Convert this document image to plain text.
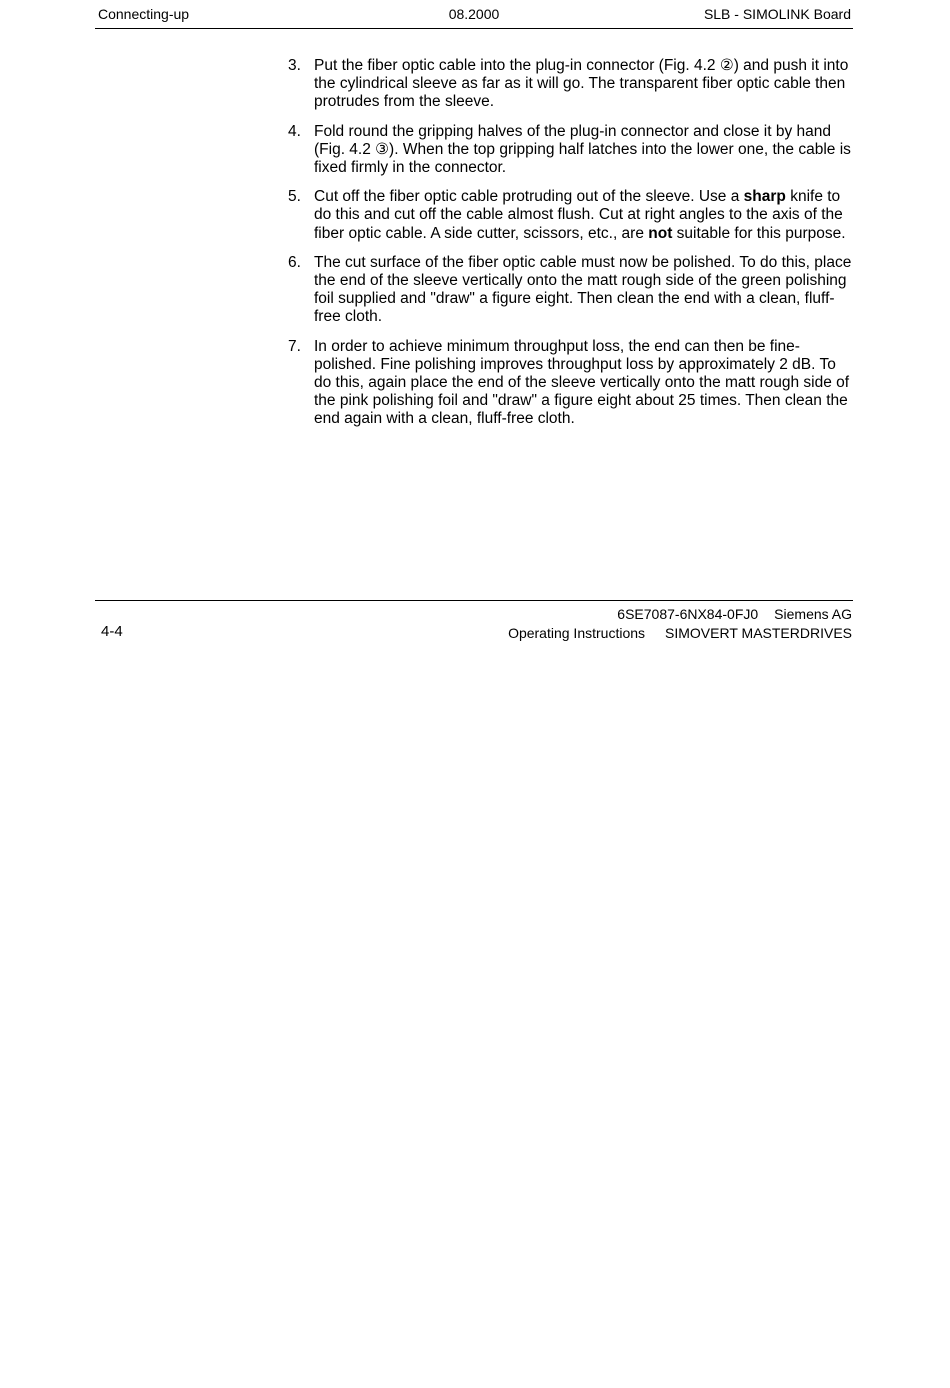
Connecting-up	08.2000	SLB - SIMOLINK Board
3. Put the fiber optic cable into the plug-in connector (Fig. 4.2 ②) and push it into the cylindrical sleeve as far as it will go. The transparent fiber optic cable then protrudes from the sleeve.
4. Fold round the gripping halves of the plug-in connector and close it by hand (Fig. 4.2 ③). When the top gripping half latches into the lower one, the cable is fixed firmly in the connector.
5. Cut off the fiber optic cable protruding out of the sleeve. Use a sharp knife to do this and cut off the cable almost flush. Cut at right angles to the axis of the fiber optic cable. A side cutter, scissors, etc., are not suitable for this purpose.
6. The cut surface of the fiber optic cable must now be polished. To do this, place the end of the sleeve vertically onto the matt rough side of the green polishing foil supplied and "draw" a figure eight. Then clean the end with a clean, fluff-free cloth.
7. In order to achieve minimum throughput loss, the end can then be fine-polished. Fine polishing improves throughput loss by approximately 2 dB. To do this, again place the end of the sleeve vertically onto the matt rough side of the pink polishing foil and "draw" a figure eight about 25 times. Then clean the end again with a clean, fluff-free cloth.
4-4
6SE7087-6NX84-0FJ0 Siemens AG
Operating Instructions SIMOVERT MASTERDRIVES
